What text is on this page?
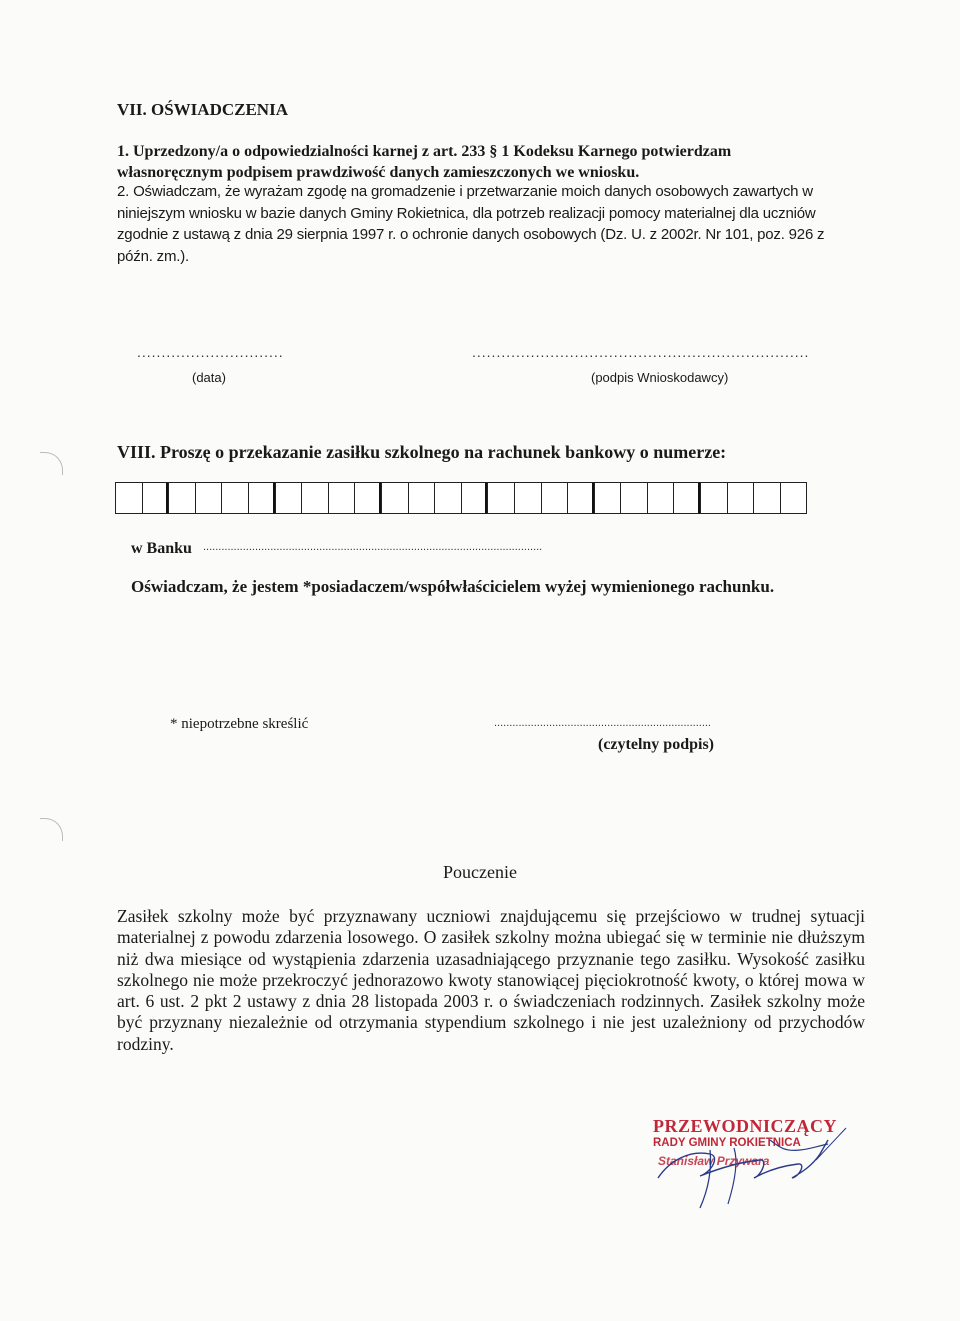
VII. OŚWIADCZENIA
1. Uprzedzony/a o odpowiedzialności karnej z art. 233 § 1 Kodeksu Karnego potwierdzam własnoręcznym podpisem prawdziwość danych zamieszczonych we wniosku.
2. Oświadczam, że wyrażam zgodę na gromadzenie i przetwarzanie moich danych osobowych zawartych w niniejszym wniosku w bazie danych Gminy Rokietnica, dla potrzeb realizacji pomocy materialnej dla uczniów zgodnie z ustawą z dnia 29 sierpnia 1997 r. o ochronie danych osobowych (Dz. U. z 2002r. Nr 101, poz. 926 z późn. zm.).
..............................
(data)
.....................................................................
(podpis Wnioskodawcy)
VIII. Proszę o przekazanie zasiłku szkolnego na rachunek bankowy o numerze:
w Banku ...............................................................................................................
Oświadczam, że jestem *posiadaczem/współwłaścicielem wyżej wymienionego rachunku.
* niepotrzebne skreślić	.......................................................................
(czytelny podpis)
Pouczenie
Zasiłek szkolny może być przyznawany uczniowi znajdującemu się przejściowo w trudnej sytuacji materialnej z powodu zdarzenia losowego. O zasiłek szkolny można ubiegać się w terminie nie dłuższym niż dwa miesiące od wystąpienia zdarzenia uzasadniającego przyznanie tego zasiłku. Wysokość zasiłku szkolnego nie może przekroczyć jednorazowo kwoty stanowiącej pięciokrotność kwoty, o której mowa w art. 6 ust. 2 pkt 2 ustawy z dnia 28 listopada 2003 r. o świadczeniach rodzinnych. Zasiłek szkolny może być przyznany niezależnie od otrzymania stypendium szkolnego i nie jest uzależniony od przychodów rodziny.
PRZEWODNICZĄCY
RADY GMINY ROKIETNICA
Stanisław Przywara
